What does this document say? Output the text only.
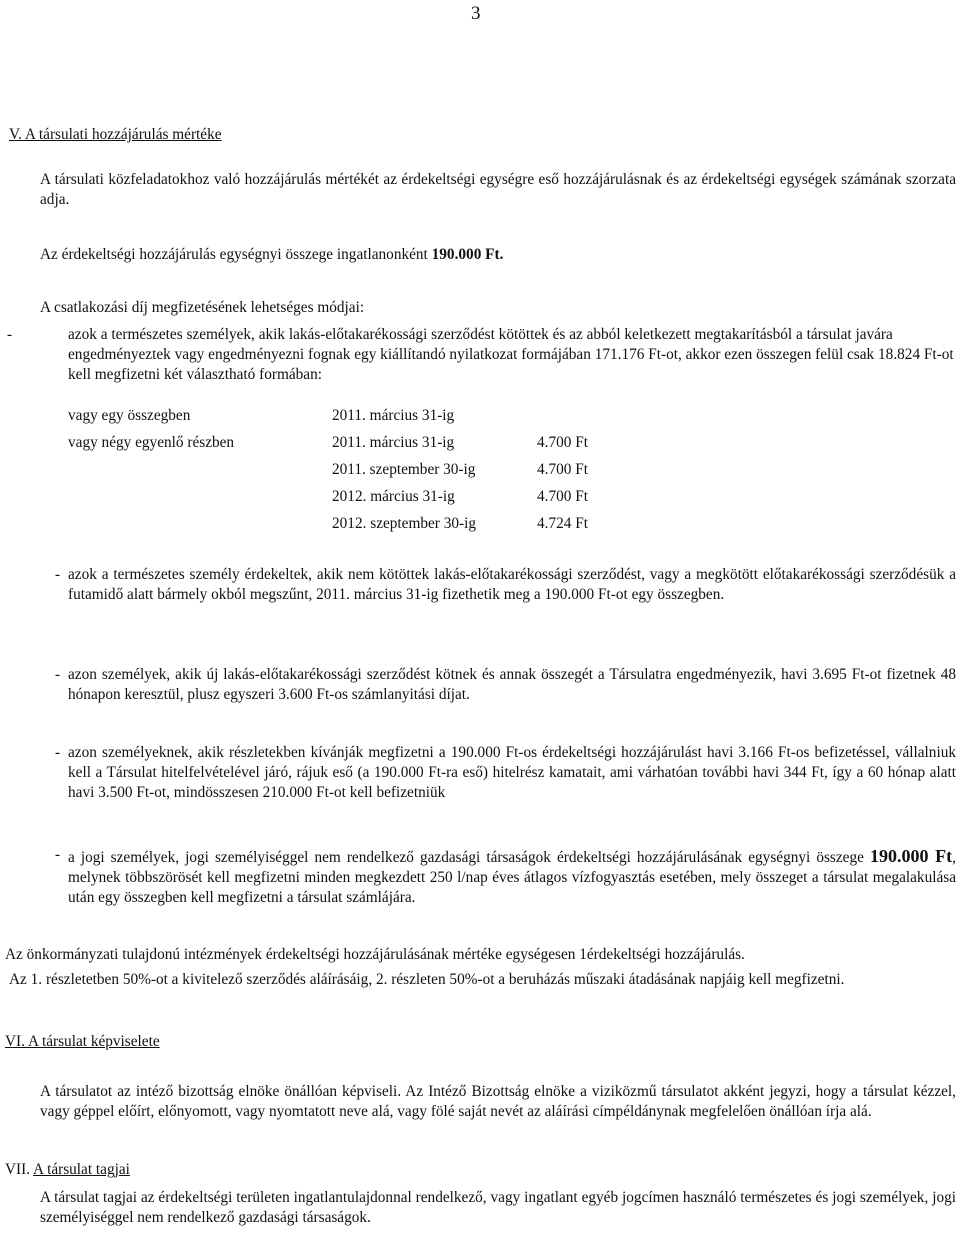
3
V. A társulati hozzájárulás mértéke

A társulati közfeladatokhoz való hozzájárulás mértékét az érdekeltségi egységre eső hozzájárulásnak és az érdekeltségi egységek számának szorzata adja.

Az érdekeltségi hozzájárulás egységnyi összege ingatlanonként 190.000 Ft.

A csatlakozási díj megfizetésének lehetséges módjai:

-	azok a természetes személyek, akik lakás-előtakarékossági szerződést kötöttek és az abból keletkezett megtakarításból a társulat javára engedményeztek vagy engedményezni fognak egy kiállítandó nyilatkozat formájában 171.176 Ft-ot, akkor ezen összegen felül csak 18.824 Ft-ot kell megfizetni két választható formában:

vagy egy összegben	2011. március 31-ig
vagy négy egyenlő részben	2011. március 31-ig	4.700 Ft
2011. szeptember 30-ig	4.700 Ft
2012. március 31-ig	4.700 Ft
2012. szeptember 30-ig	4.724 Ft
- azok a természetes személy érdekeltek, akik nem kötöttek lakás-előtakarékossági szerződést, vagy a megkötött előtakarékossági szerződésük a futamidő alatt bármely okból megszűnt, 2011. március 31-ig fizethetik meg a 190.000 Ft-ot egy összegben.

- azon személyek, akik új lakás-előtakarékossági szerződést kötnek és annak összegét a Társulatra engedményezik, havi 3.695 Ft-ot fizetnek 48 hónapon keresztül, plusz egyszeri 3.600 Ft-os számlanyitási díjat.

- azon személyeknek, akik részletekben kívánják megfizetni a 190.000 Ft-os érdekeltségi hozzájárulást havi 3.166 Ft-os befizetéssel, vállalniuk kell a Társulat hitelfelvételével járó, rájuk eső (a 190.000 Ft-ra eső) hitelrész kamatait, ami várhatóan további havi 344 Ft, így a 60 hónap alatt havi 3.500 Ft-ot, mindösszesen 210.000 Ft-ot kell befizetniük

- a jogi személyek, jogi személyiséggel nem rendelkező gazdasági társaságok érdekeltségi hozzájárulásának egységnyi összege 190.000 Ft, melynek többszörösét kell megfizetni minden megkezdett 250 l/nap éves átlagos vízfogyasztás esetében, mely összeget a társulat megalakulása után egy összegben kell megfizetni a társulat számlájára.

Az önkormányzati tulajdonú intézmények érdekeltségi hozzájárulásának mértéke egységesen 1érdekeltségi hozzájárulás.

Az 1. részletetben 50%-ot a kivitelező szerződés aláírásáig, 2. részleten 50%-ot a beruházás műszaki átadásának napjáig kell megfizetni.

VI. A társulat képviselete

A társulatot az intéző bizottság elnöke önállóan képviseli. Az Intéző Bizottság elnöke a viziközmű társulatot akként jegyzi, hogy a társulat kézzel, vagy géppel előírt, előnyomott, vagy nyomtatott neve alá, vagy fölé saját nevét az aláírási címpéldánynak megfelelően önállóan írja alá.

VII. A társulat tagjai

A társulat tagjai az érdekeltségi területen ingatlantulajdonnal rendelkező, vagy ingatlant egyéb jogcímen használó természetes és jogi személyek, jogi személyiséggel nem rendelkező gazdasági társaságok.
